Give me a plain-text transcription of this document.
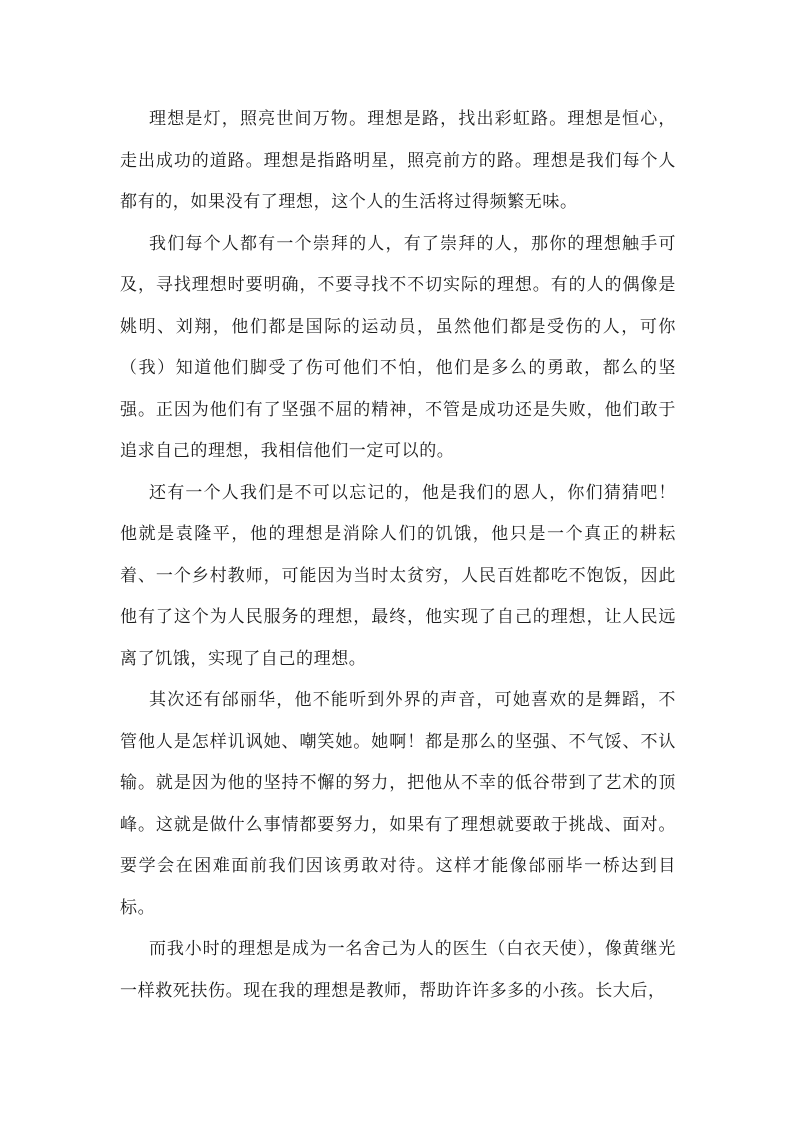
理想是灯，照亮世间万物。理想是路，找出彩虹路。理想是恒心，走出成功的道路。理想是指路明星，照亮前方的路。理想是我们每个人都有的，如果没有了理想，这个人的生活将过得频繁无味。

我们每个人都有一个崇拜的人，有了崇拜的人，那你的理想触手可及，寻找理想时要明确，不要寻找不不切实际的理想。有的人的偶像是姚明、刘翔，他们都是国际的运动员，虽然他们都是受伤的人，可你（我）知道他们脚受了伤可他们不怕，他们是多么的勇敢，都么的坚强。正因为他们有了坚强不屈的精神，不管是成功还是失败，他们敢于追求自己的理想，我相信他们一定可以的。

还有一个人我们是不可以忘记的，他是我们的恩人，你们猜猜吧！他就是袁隆平，他的理想是消除人们的饥饿，他只是一个真正的耕耘着、一个乡村教师，可能因为当时太贫穷，人民百姓都吃不饱饭，因此他有了这个为人民服务的理想，最终，他实现了自己的理想，让人民远离了饥饿，实现了自己的理想。

其次还有邰丽华，他不能听到外界的声音，可她喜欢的是舞蹈，不管他人是怎样讥讽她、嘲笑她。她啊！都是那么的坚强、不气馁、不认输。就是因为他的坚持不懈的努力，把他从不幸的低谷带到了艺术的顶峰。这就是做什么事情都要努力，如果有了理想就要敢于挑战、面对。要学会在困难面前我们因该勇敢对待。这样才能像邰丽毕一桥达到目标。

而我小时的理想是成为一名舍己为人的医生（白衣天使），像黄继光一样救死扶伤。现在我的理想是教师，帮助许许多多的小孩。长大后，
